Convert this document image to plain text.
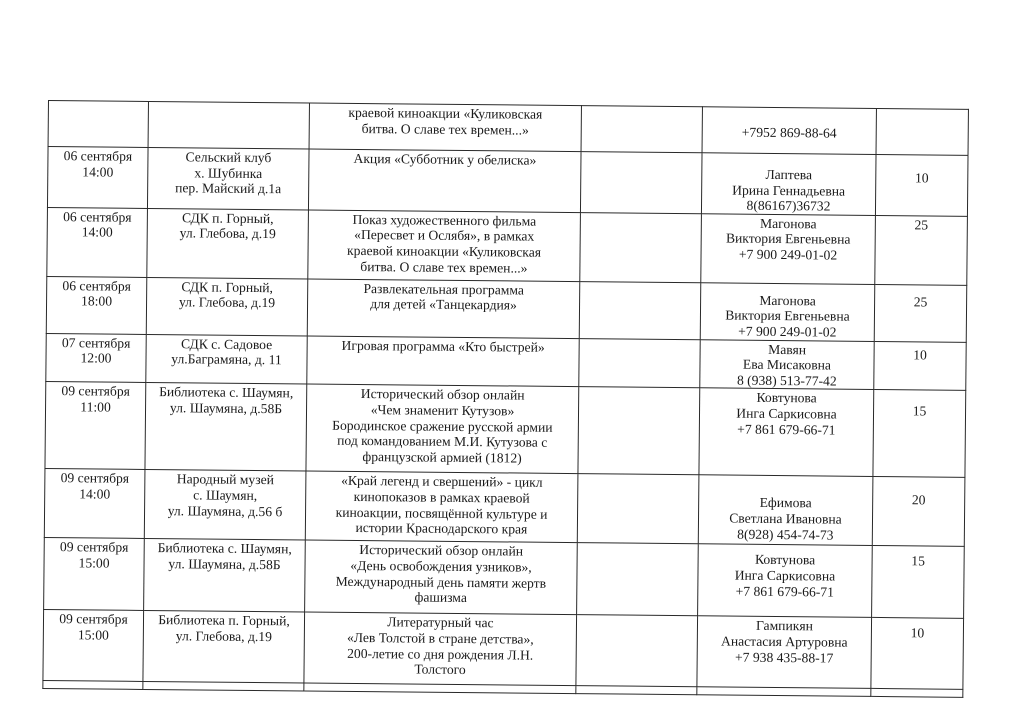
		краевой киноакции «Куликовская
битва. О славе тех времен...»		+7952 869-88-64	

06 сентября
14:00	Сельский клуб
х. Шубинка
пер. Майский д.1а	Акция «Субботник у обелиска»		Лаптева
Ирина Геннадьевна
8(86167)36732	10

06 сентября
14:00	СДК п. Горный,
ул. Глебова, д.19	Показ художественного фильма
«Пересвет и Ослябя», в рамках
краевой киноакции «Куликовская
битва. О славе тех времен...»		Магонова
Виктория Евгеньевна
+7 900 249-01-02	25

06 сентября
18:00	СДК п. Горный,
ул. Глебова, д.19	Развлекательная программа
для детей «Танцекардия»		Магонова
Виктория Евгеньевна
+7 900 249-01-02	25

07 сентября
12:00	СДК с. Садовое
ул.Баграмяна, д. 11	Игровая программа «Кто быстрей»		Мавян
Ева Мисаковна
8 (938) 513-77-42	10

09 сентября
11:00	Библиотека с. Шаумян,
ул. Шаумяна, д.58Б	Исторический обзор онлайн
«Чем знаменит Кутузов»
Бородинское сражение русской армии
под командованием М.И. Кутузова с
французской армией (1812)		Ковтунова
Инга Саркисовна
+7 861 679-66-71	15

09 сентября
14:00	Народный музей
с. Шаумян,
ул. Шаумяна, д.56 б	«Край легенд и свершений» - цикл
кинопоказов в рамках краевой
киноакции, посвящённой культуре и
истории Краснодарского края		Ефимова
Светлана Ивановна
8(928) 454-74-73	20

09 сентября
15:00	Библиотека с. Шаумян,
ул. Шаумяна, д.58Б	Исторический обзор онлайн
«День освобождения узников»,
Международный день памяти жертв
фашизма		Ковтунова
Инга Саркисовна
+7 861 679-66-71	15

09 сентября
15:00	Библиотека п. Горный,
ул. Глебова, д.19	Литературный час
«Лев Толстой в стране детства»,
200-летие со дня рождения Л.Н.
Толстого		Гампикян
Анастасия Артуровна
+7 938 435-88-17	10
